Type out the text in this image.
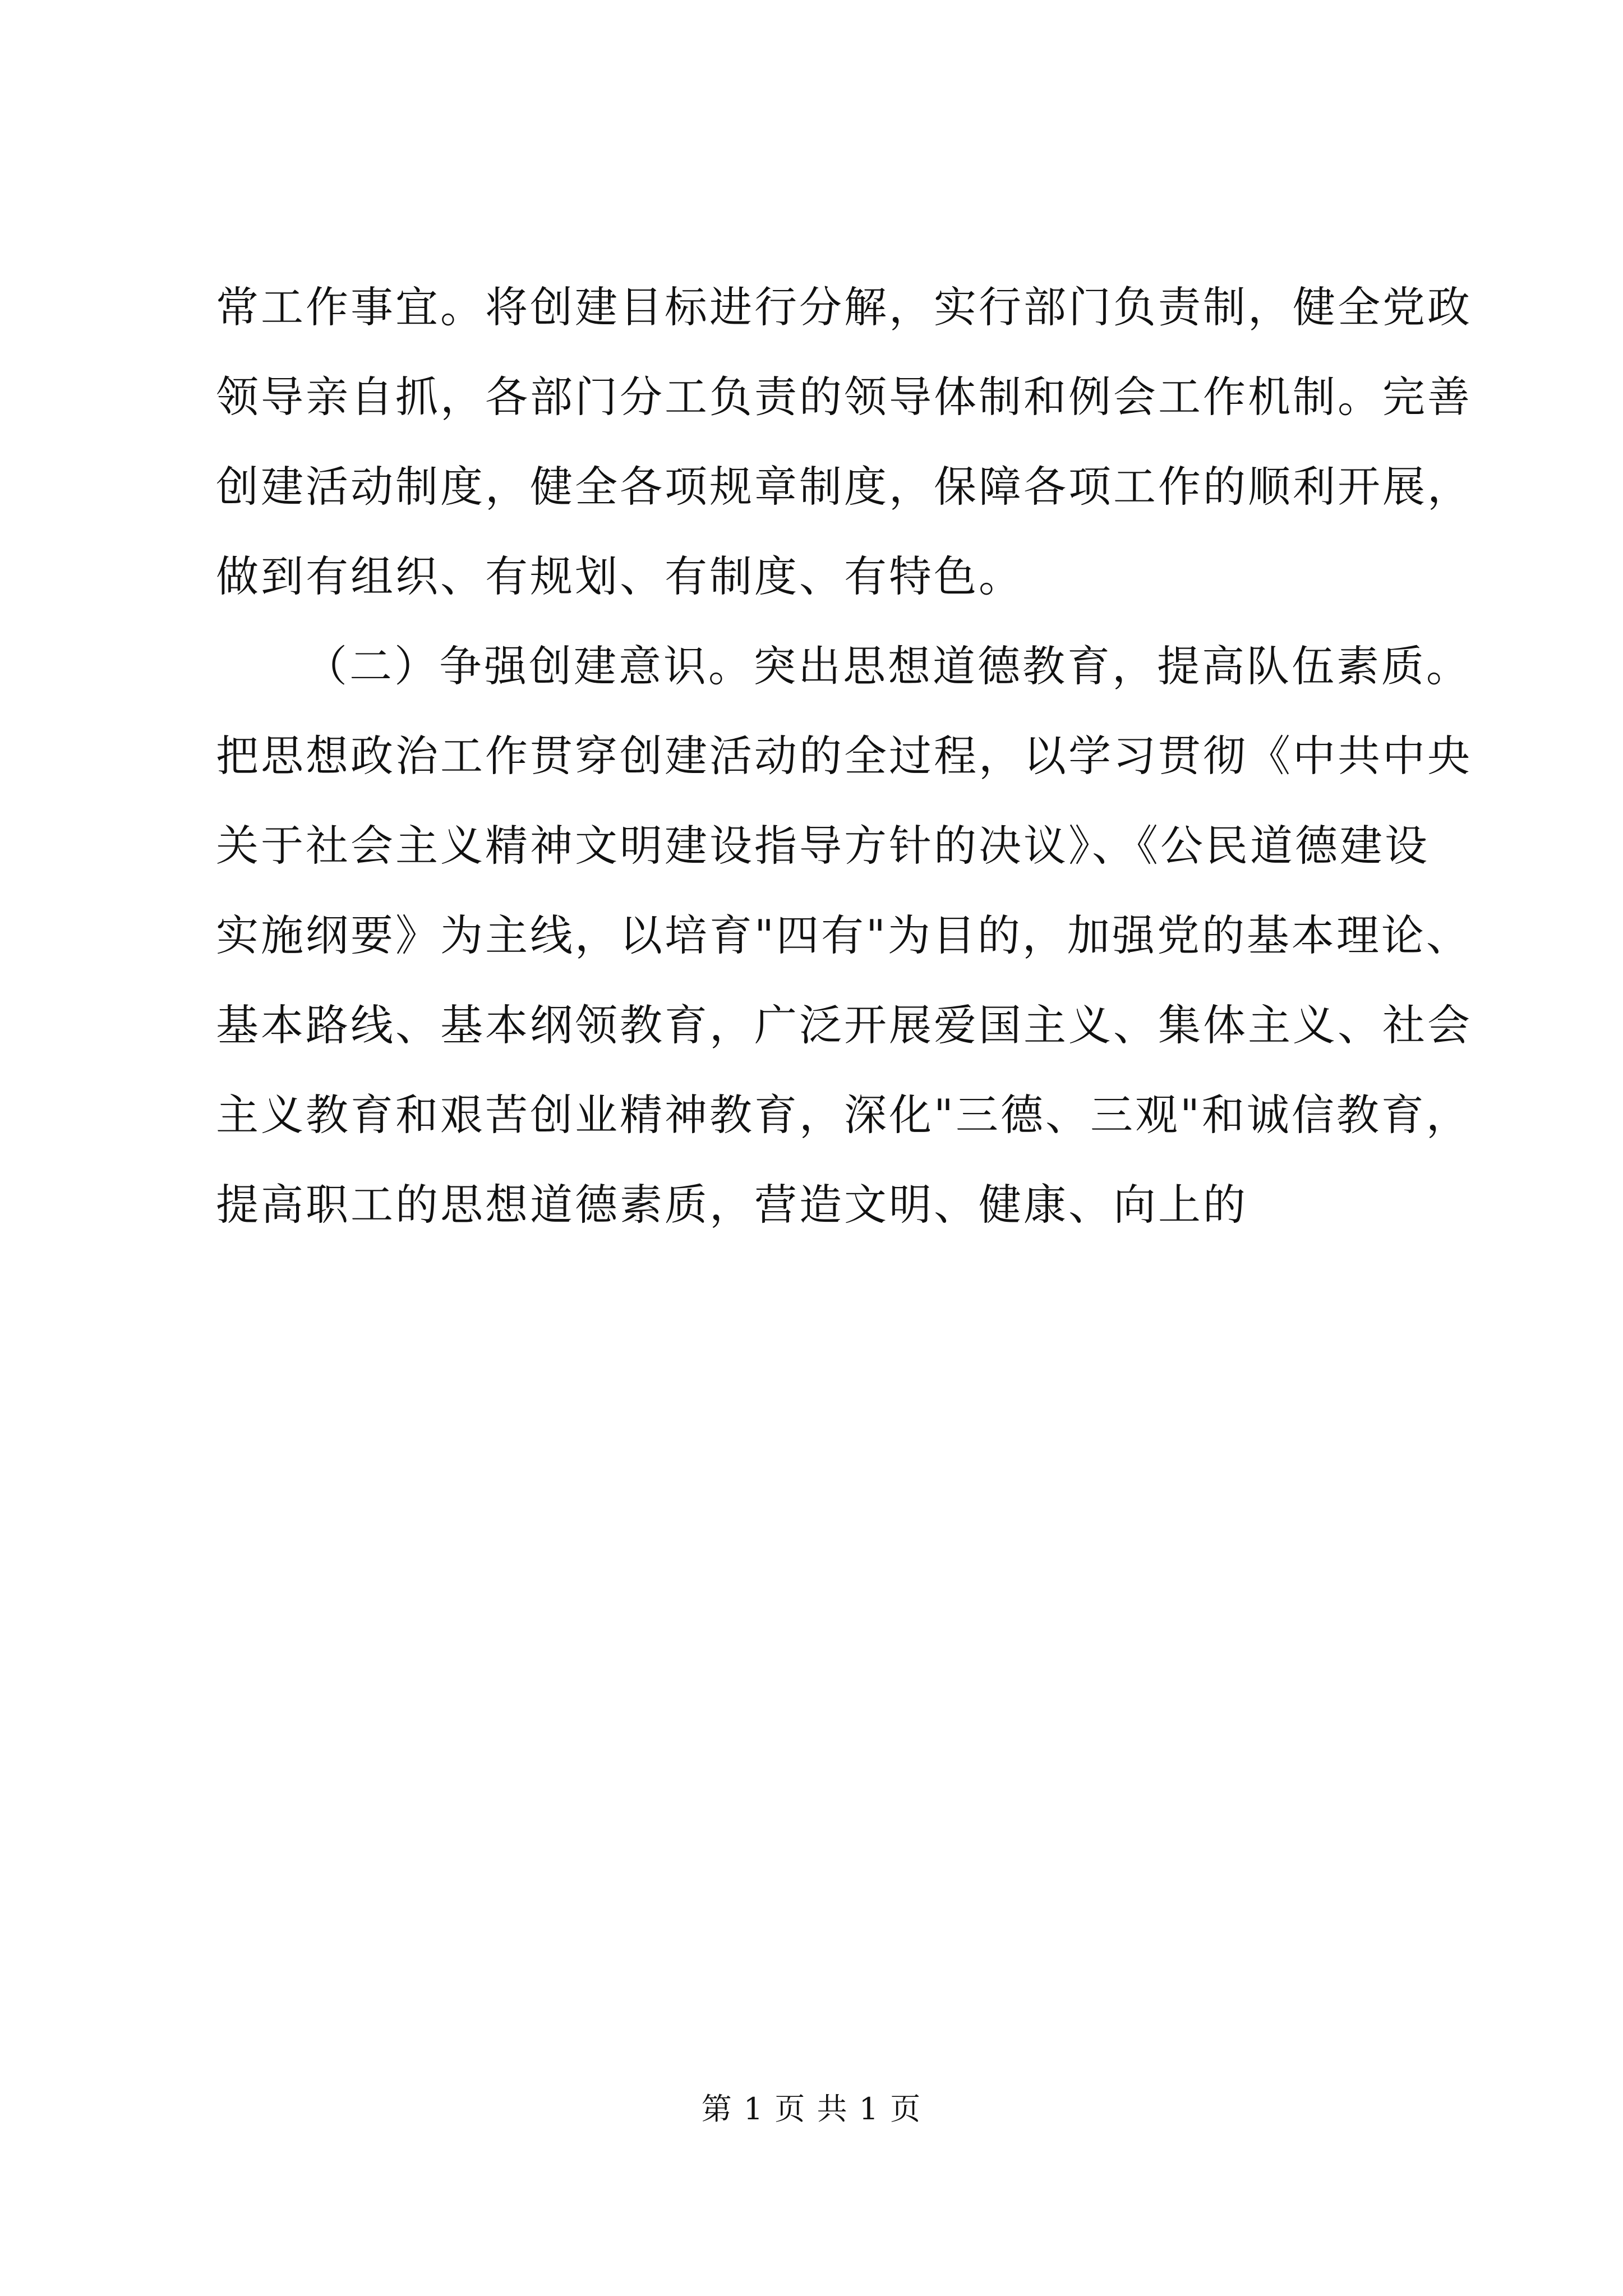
常工作事宜。将创建目标进行分解，实行部门负责制，健全党政
领导亲自抓，各部门分工负责的领导体制和例会工作机制。完善
创建活动制度，健全各项规章制度，保障各项工作的顺利开展，
做到有组织、有规划、有制度、有特色。
（二）争强创建意识。突出思想道德教育，提高队伍素质。
把思想政治工作贯穿创建活动的全过程，以学习贯彻《中共中央
关于社会主义精神文明建设指导方针的决议》、《公民道德建设
实施纲要》为主线，以培育"四有"为目的，加强党的基本理论、
基本路线、基本纲领教育，广泛开展爱国主义、集体主义、社会
主义教育和艰苦创业精神教育，深化"三德、三观"和诚信教育，
提高职工的思想道德素质，营造文明、健康、向上的
第 1 页 共 1 页
